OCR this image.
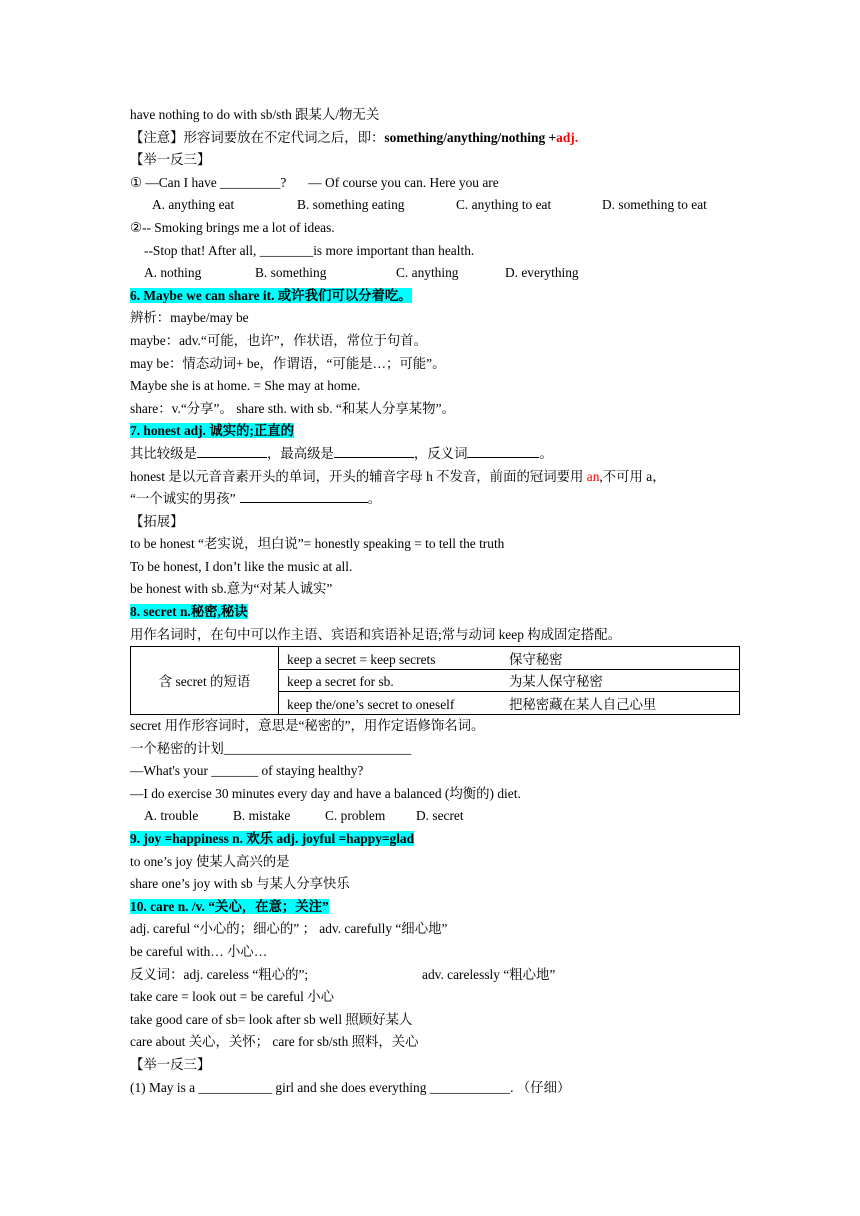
have nothing to do with sb/sth 跟某人/物无关
【注意】形容词要放在不定代词之后，即：something/anything/nothing +adj.
【举一反三】
① —Can I have _________? — Of course you can. Here you are
A. anything eat	B. something eating	C. anything to eat	D. something to eat
②-- Smoking brings me a lot of ideas.
--Stop that! After all, ________is more important than health.
A. nothing	B. something	C. anything	D. everything
6. Maybe we can share it. 或许我们可以分着吃。
辨析：maybe/may be
maybe：adv.“可能，也许”，作状语，常位于句首。
may be：情态动词+ be，作谓语，“可能是…；可能”。
Maybe she is at home. = She may at home.
share：v.“分享”。 share sth. with sb. “和某人分享某物”。
7. honest adj. 诚实的;正直的
其比较级是	，最高级是	，反义词	。
honest 是以元音音素开头的单词，开头的辅音字母 h 不发音，前面的冠词要用 an,不可用 a，
“一个诚实的男孩”	。
【拓展】
to be honest “老实说，坦白说”= honestly speaking = to tell the truth
To be honest, I don’t like the music at all.
be honest with sb.意为“对某人诚实”
8. secret n.秘密,秘诀
用作名词时，在句中可以作主语、宾语和宾语补足语;常与动词 keep 构成固定搭配。
含 secret 的短语	keep a secret = keep secrets	保守秘密
keep a secret for sb.	为某人保守秘密
keep the/one’s secret to oneself	把秘密藏在某人自己心里
secret 用作形容词时，意思是“秘密的”，用作定语修饰名词。
一个秘密的计划____________________________
—What's your _______ of staying healthy?
—I do exercise 30 minutes every day and have a balanced (均衡的) diet.
A. trouble	B. mistake	C. problem D. secret
9. joy =happiness n. 欢乐 adj. joyful =happy=glad
to one’s joy 使某人高兴的是
share one’s joy with sb 与某人分享快乐
10. care n. /v. “关心，在意；关注”
adj. careful “小心的；细心的” ； adv. carefully “细心地”
be careful with… 小心…
反义词：adj. careless “粗心的”;	adv. carelessly “粗心地”
take care = look out = be careful 小心
take good care of sb= look after sb well 照顾好某人
care about 关心，关怀； care for sb/sth 照料，关心
【举一反三】
(1) May is a ___________ girl and she does everything ____________. （仔细）
